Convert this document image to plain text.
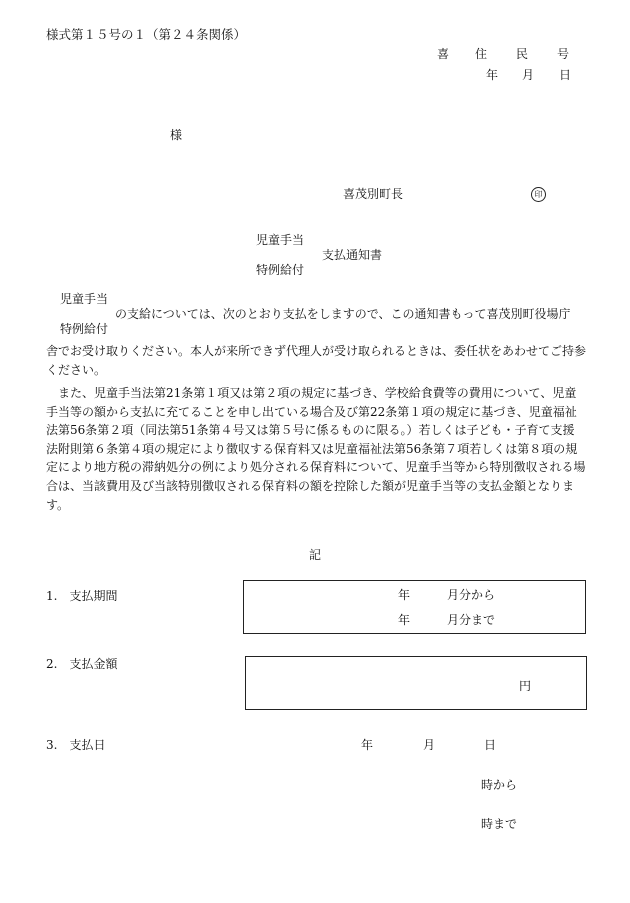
様式第１５号の１（第２４条関係）
喜 住 民 号
年 月 日
様
喜茂別町長	印
児童手当
支払通知書
特例給付
児童手当
の支給については、次のとおり支払をしますので、この通知書もって喜茂別町役場庁
特例給付

舎でお受け取りください。本人が来所できず代理人が受け取られるときは、委任状をあわせてご持参ください。

　また、児童手当法第21条第１項又は第２項の規定に基づき、学校給食費等の費用について、児童手当等の額から支払に充てることを申し出ている場合及び第22条第１項の規定に基づき、児童福祉法第56条第２項（同法第51条第４号又は第５号に係るものに限る。）若しくは子ども・子育て支援法附則第６条第４項の規定により徴収する保育料又は児童福祉法第56条第７項若しくは第８項の規定により地方税の滞納処分の例により処分される保育料について、児童手当等から特別徴収される場合は、当該費用及び当該特別徴収される保育料の額を控除した額が児童手当等の支払金額となります。

記
1.　支払期間	年	月分から
年	月分まで
2.　支払金額
円
3.　支払日	年	月	日
時から
時まで
